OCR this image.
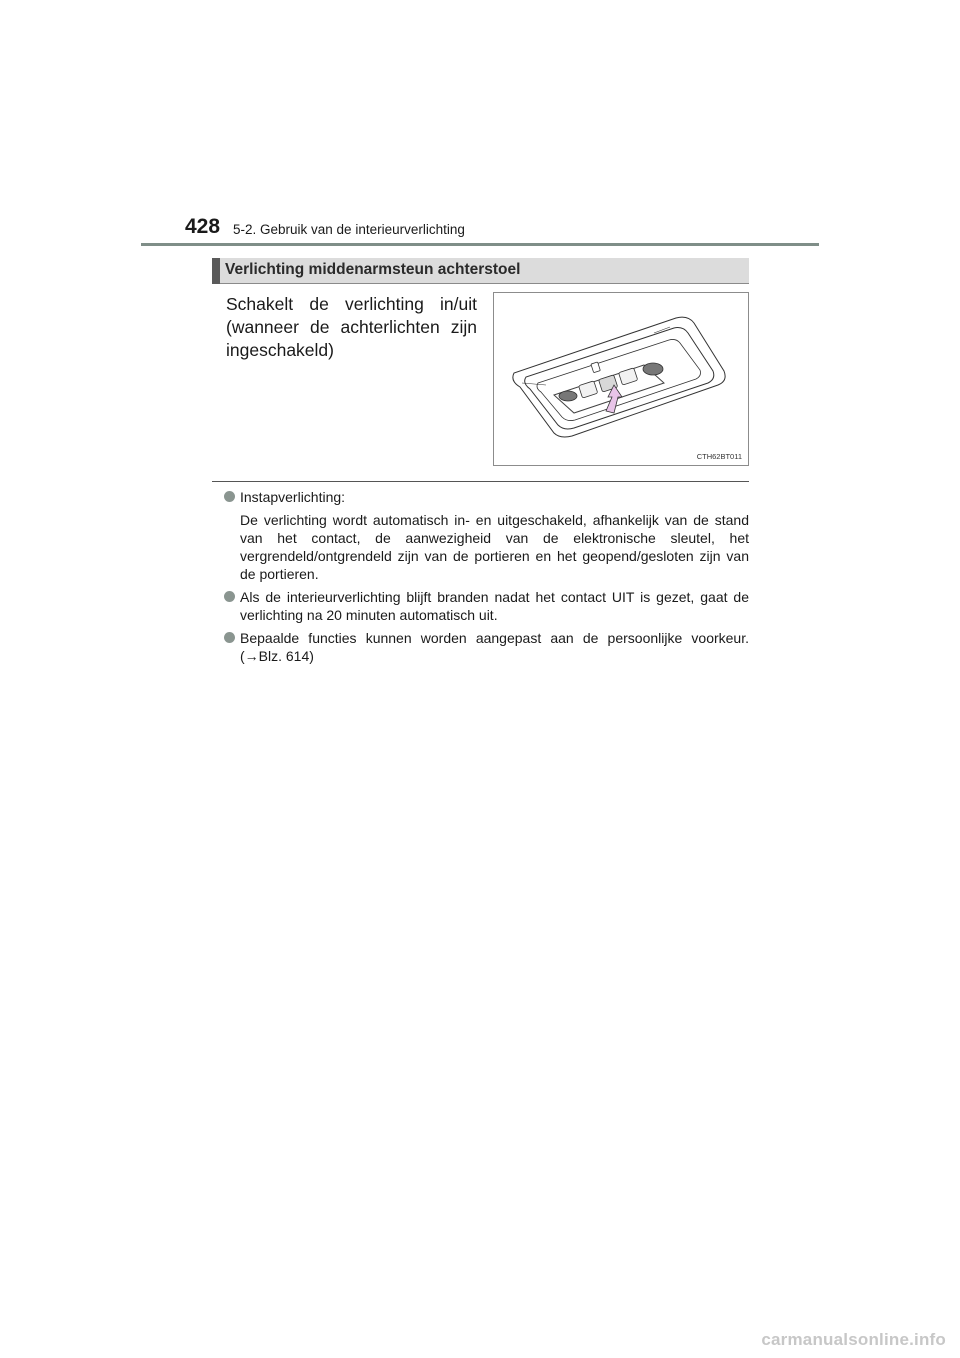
428 5-2. Gebruik van de interieurverlichting
Verlichting middenarmsteun achterstoel
Schakelt de verlichting in/uit (wanneer de achterlichten zijn ingeschakeld)
CTH62BT011
Instapverlichting:
De verlichting wordt automatisch in- en uitgeschakeld, afhankelijk van de stand van het contact, de aanwezigheid van de elektronische sleutel, het vergrendeld/ontgrendeld zijn van de portieren en het geopend/gesloten zijn van de portieren.
Als de interieurverlichting blijft branden nadat het contact UIT is gezet, gaat de verlichting na 20 minuten automatisch uit.
Bepaalde functies kunnen worden aangepast aan de persoonlijke voorkeur. (→Blz. 614)
carmanualsonline.info
